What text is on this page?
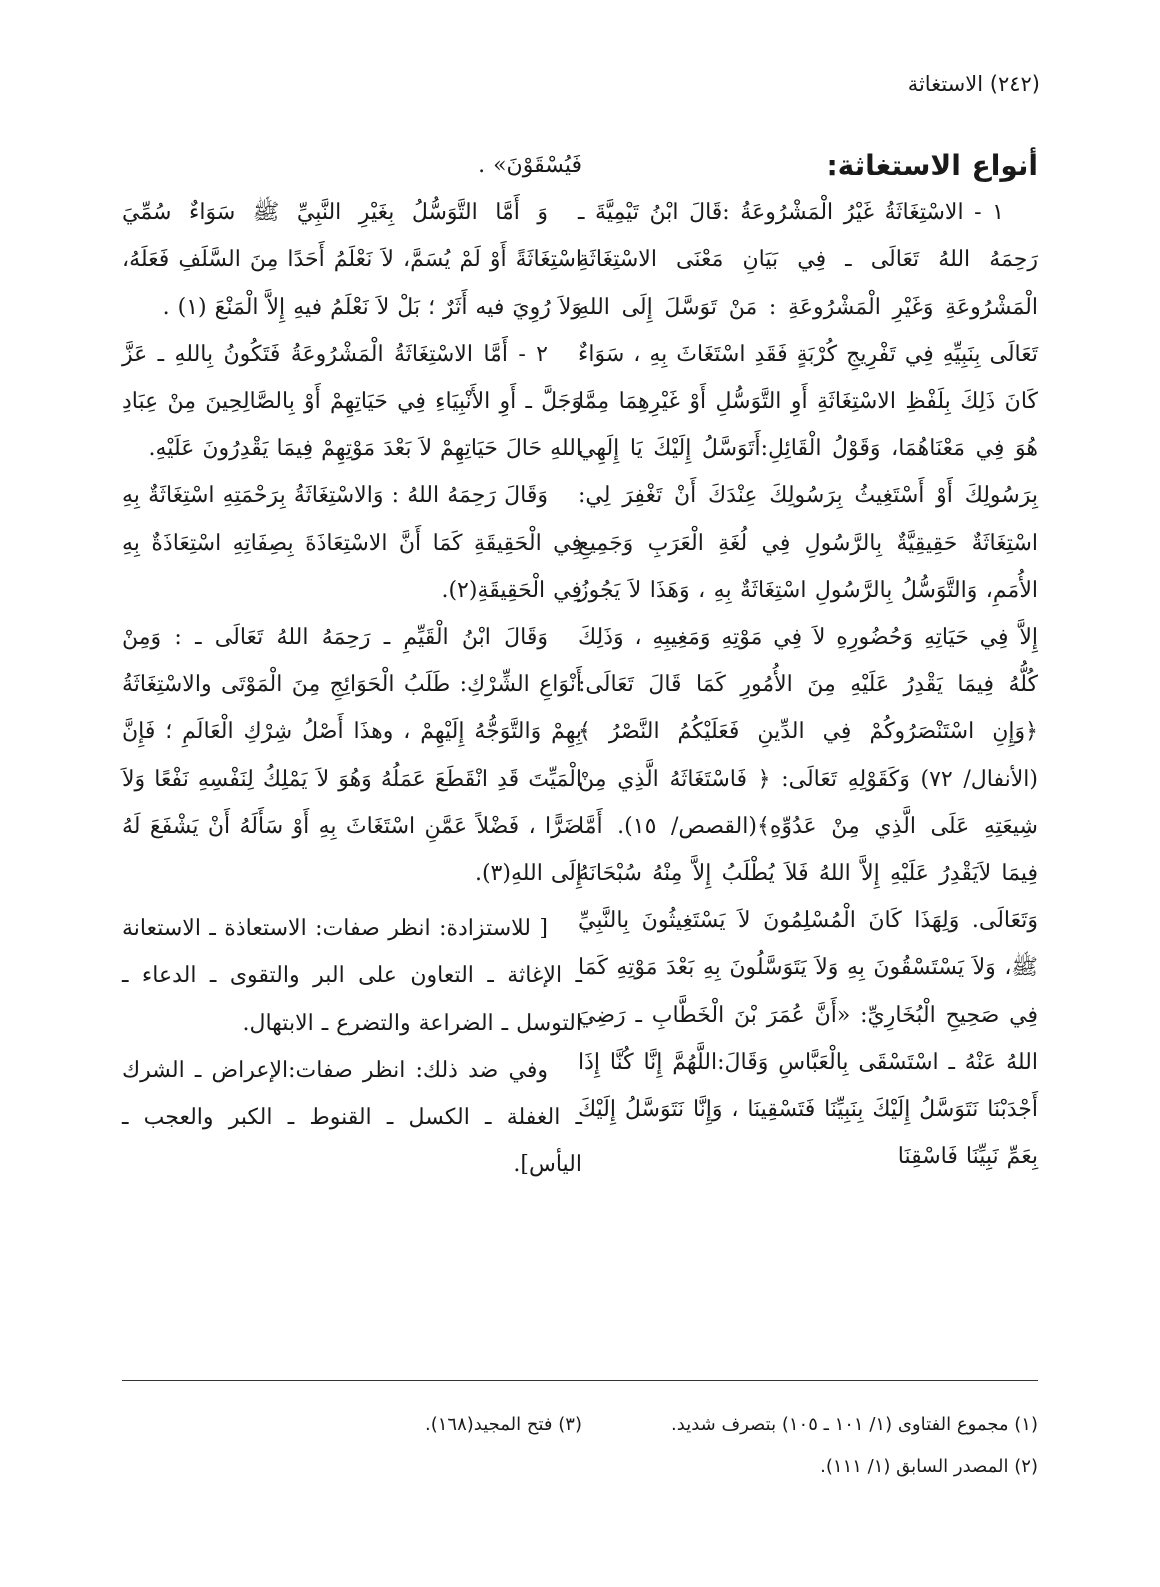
(٢٤٢) الاستغاثة
أنواع الاستغاثة:

١ - الاسْتِغَاثَةُ غَيْرُ الْمَشْرُوعَةُ :قَالَ ابْنُ تَيْمِيَّةَ ـ رَحِمَهُ اللهُ تَعَالَى ـ فِي بَيَانِ مَعْنَى الاسْتِغَاثَةِ الْمَشْرُوعَةِ وَغَيْرِ الْمَشْرُوعَةِ : مَنْ تَوَسَّلَ إِلَى اللهِ تَعَالَى بِنَبِيِّهِ فِي تَفْرِيجِ كُرْبَةٍ فَقَدِ اسْتَغَاثَ بِهِ ، سَوَاءٌ كَانَ ذَلِكَ بِلَفْظِ الاسْتِغَاثَةِ أَوِ التَّوَسُّلِ أَوْ غَيْرِهِمَا مِمَّا هُوَ فِي مَعْنَاهُمَا، وَقَوْلُ الْقَائِلِ:أَتَوَسَّلُ إِلَيْكَ يَا إِلَهِي بِرَسُولِكَ أَوْ أَسْتَغِيثُ بِرَسُولِكَ عِنْدَكَ أَنْ تَغْفِرَ لِي: اسْتِغَاثَةٌ حَقِيقِيَّةٌ بِالرَّسُولِ فِي لُغَةِ الْعَرَبِ وَجَمِيعِ الأُمَمِ، وَالتَّوَسُّلُ بِالرَّسُولِ اسْتِغَاثَةٌ بِهِ ، وَهَذَا لاَ يَجُوزُ إِلاَّ فِي حَيَاتِهِ وَحُضُورِهِ لاَ فِي مَوْتِهِ وَمَغِيبِهِ ، وَذَلِكَ كُلُّهُ فِيمَا يَقْدِرُ عَلَيْهِ مِنَ الأُمُورِ كَمَا قَالَ تَعَالَى: ﴿وَإِنِ اسْتَنْصَرُوكُمْ فِي الدِّينِ فَعَلَيْكُمُ النَّصْرُ ﴾(الأنفال/ ٧٢) وَكَقَوْلِهِ تَعَالَى: ﴿ فَاسْتَغَاثَهُ الَّذِي مِنْ شِيعَتِهِ عَلَى الَّذِي مِنْ عَدُوِّهِ﴾(القصص/ ١٥). أَمَّا فِيمَا لاَيَقْدِرُ عَلَيْهِ إِلاَّ اللهُ فَلاَ يُطْلَبُ إِلاَّ مِنْهُ سُبْحَانَهُ وَتَعَالَى. وَلِهَذَا كَانَ الْمُسْلِمُونَ لاَ يَسْتَغِيثُونَ بِالنَّبِيِّ ﷺ، وَلاَ يَسْتَسْقُونَ بِهِ وَلاَ يَتَوَسَّلُونَ بِهِ بَعْدَ مَوْتِهِ كَمَا فِي صَحِيحِ الْبُخَارِيِّ: «أَنَّ عُمَرَ بْنَ الْخَطَّابِ ـ رَضِيَ اللهُ عَنْهُ ـ اسْتَسْقَى بِالْعَبَّاسِ وَقَالَ:اللَّهُمَّ إِنَّا كُنَّا إِذَا أَجْدَبْنَا نَتَوَسَّلُ إِلَيْكَ بِنَبِيِّنَا فَتَسْقِينَا ، وَإِنَّا نَتَوَسَّلُ إِلَيْكَ بِعَمِّ نَبِيِّنَا فَاسْقِنَا

فَيُسْقَوْنَ» .

وَ أَمَّا التَّوَسُّلُ بِغَيْرِ النَّبِيِّ ﷺ سَوَاءٌ سُمِّيَ اسْتِغَاثَةً أَوْ لَمْ يُسَمَّ، لاَ نَعْلَمُ أَحَدًا مِنَ السَّلَفِ فَعَلَهُ، وَلاَ رُوِيَ فيه أَثَرٌ ؛ بَلْ لاَ نَعْلَمُ فيهِ إِلاَّ الْمَنْعَ (١) .

٢ - أَمَّا الاسْتِغَاثَةُ الْمَشْرُوعَةُ فَتَكُونُ بِاللهِ ـ عَزَّ وَجَلَّ ـ أَوِ الأَنْبِيَاءِ فِي حَيَاتِهِمْ أَوْ بِالصَّالِحِينَ مِنْ عِبَادِ اللهِ حَالَ حَيَاتِهِمْ لاَ بَعْدَ مَوْتِهِمْ فِيمَا يَقْدِرُونَ عَلَيْهِ.

وَقَالَ رَحِمَهُ اللهُ : وَالاسْتِغَاثَةُ بِرَحْمَتِهِ اسْتِغَاثَةٌ بِهِ فِي الْحَقِيقَةِ كَمَا أَنَّ الاسْتِعَاذَةَ بِصِفَاتِهِ اسْتِعَاذَةٌ بِهِ فِي الْحَقِيقَةِ(٢).

وَقَالَ ابْنُ الْقَيِّمِ ـ رَحِمَهُ اللهُ تَعَالَى ـ : وَمِنْ أَنْوَاعِ الشِّرْكِ: طَلَبُ الْحَوَائِجِ مِنَ الْمَوْتَى والاسْتِغَاثَةُ بِهِمْ وَالتَّوَجُّهُ إِلَيْهِمْ ، وهذَا أَصْلُ شِرْكِ الْعَالَمِ ؛ فَإِنَّ الْمَيِّتَ قَدِ انْقَطَعَ عَمَلُهُ وَهُوَ لاَ يَمْلِكُ لِنَفْسِهِ نَفْعًا وَلاَ ضَرًّا ، فَضْلاً عَمَّنِ اسْتَغَاثَ بِهِ أَوْ سَأَلَهُ أَنْ يَشْفَعَ لَهُ إِلَى اللهِ(٣).

[ للاستزادة: انظر صفات: الاستعاذة ـ الاستعانة ـ الإغاثة ـ التعاون على البر والتقوى ـ الدعاء ـ التوسل ـ الضراعة والتضرع ـ الابتهال.

وفي ضد ذلك: انظر صفات:الإعراض ـ الشرك ـ الغفلة ـ الكسل ـ القنوط ـ الكبر والعجب ـ اليأس].

(١) مجموع الفتاوى (١/ ١٠١ ـ ١٠٥) بتصرف شديد.

(٢) المصدر السابق (١/ ١١١).

(٣) فتح المجيد(١٦٨).
